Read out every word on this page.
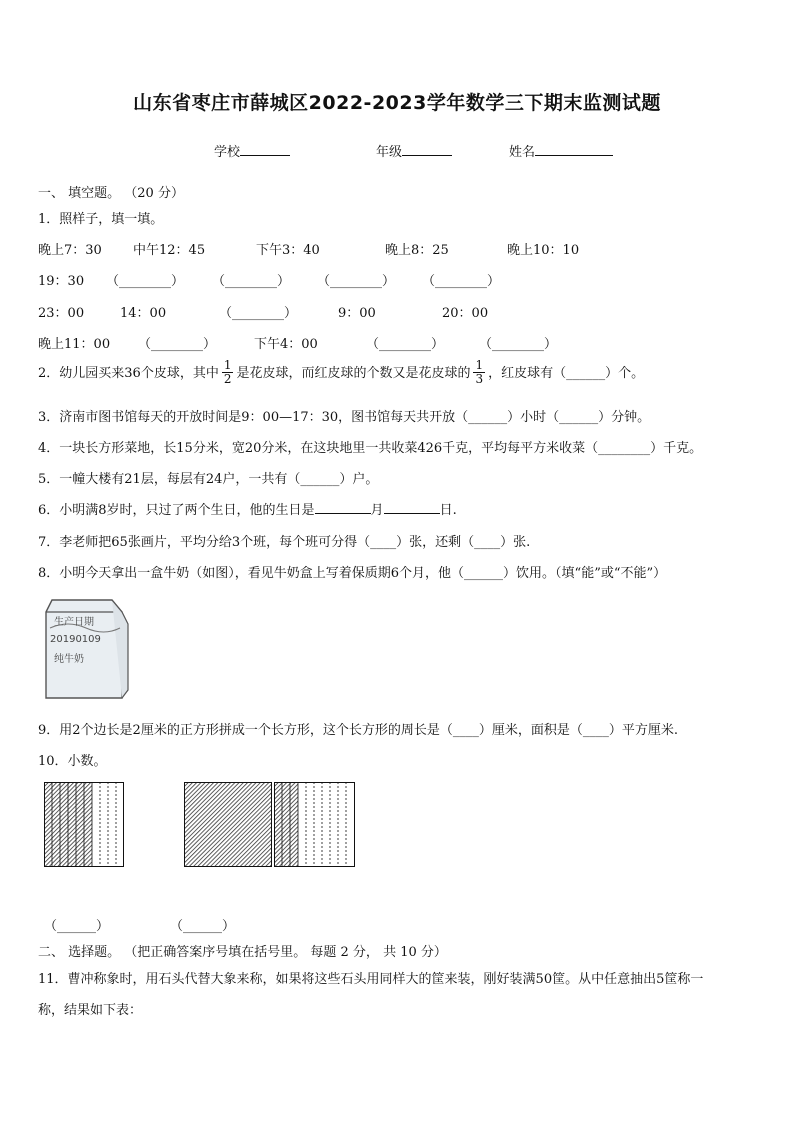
山东省枣庄市薛城区2022-2023学年数学三下期末监测试题
学校	年级	姓名
一、 填空题。 （20 分）
1．照样子，填一填。
晚上7：30 中午12：45	下午3：40	晚上8：25	晚上10：10
19：30 （________） （________） （________） （________）
23：00	14：00	（________）	9：00	20：00
晚上11：00 （________）	下午4：00	（________）	（________）
2．幼儿园买来36个皮球，其中 $\frac{1}{2}$ 是花皮球，而红皮球的个数又是花皮球的 $\frac{1}{3}$ ，红皮球有（______）个。
3．济南市图书馆每天的开放时间是9：00—17：30，图书馆每天共开放（______）小时（______）分钟。
4．一块长方形菜地，长15分米，宽20分米，在这块地里一共收菜426千克，平均每平方米收菜（________）千克。
5．一幢大楼有21层，每层有24户，一共有（______）户。
6．小明满8岁时，只过了两个生日，他的生日是	月	日.
7．李老师把65张画片，平均分给3个班，每个班可分得（____）张，还剩（____）张.
8．小明今天拿出一盒牛奶（如图），看见牛奶盒上写着保质期6个月，他（______）饮用。（填“能”或“不能”）
生产日期
20190109
纯牛奶
9．用2个边长是2厘米的正方形拼成一个长方形，这个长方形的周长是（____）厘米，面积是（____）平方厘米.
10．小数。
（______）	（______）
二、 选择题。 （把正确答案序号填在括号里。 每题 2 分， 共 10 分）
11．曹冲称象时，用石头代替大象来称，如果将这些石头用同样大的筐来装，刚好装满50筐。从中任意抽出5筐称一
称，结果如下表：
